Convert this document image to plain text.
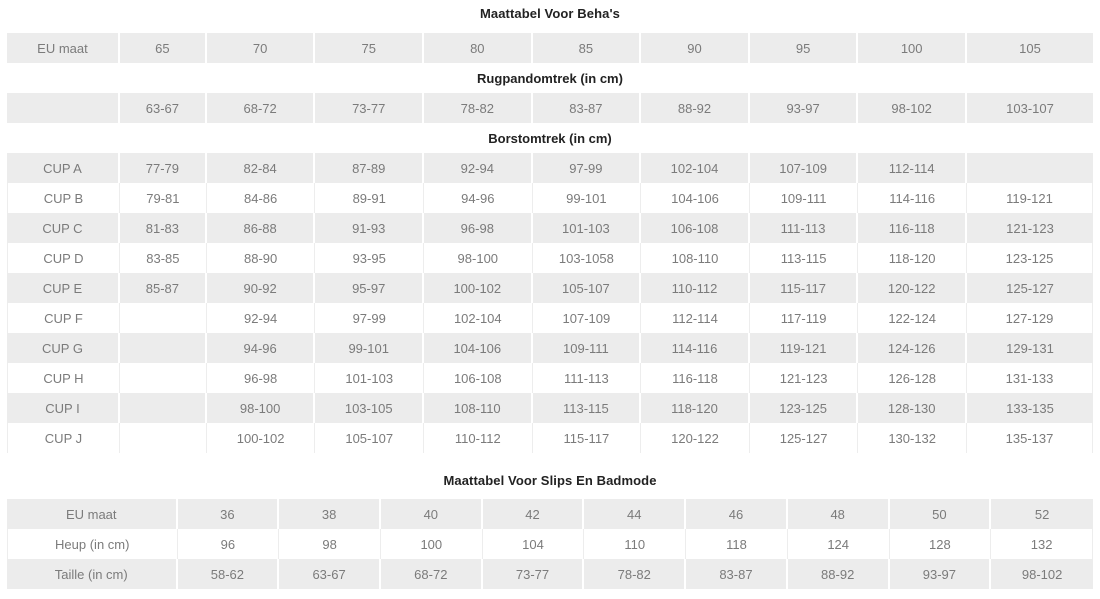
Maattabel Voor Beha's
EU maat	65	70	75	80	85	90	95	100	105
Rugpandomtrek (in cm)									
	63-67	68-72	73-77	78-82	83-87	88-92	93-97	98-102	103-107
Borstomtrek (in cm)									
CUP A	77-79	82-84	87-89	92-94	97-99	102-104	107-109	112-114	
CUP B	79-81	84-86	89-91	94-96	99-101	104-106	109-111	114-116	119-121
CUP C	81-83	86-88	91-93	96-98	101-103	106-108	111-113	116-118	121-123
CUP D	83-85	88-90	93-95	98-100	103-1058	108-110	113-115	118-120	123-125
CUP E	85-87	90-92	95-97	100-102	105-107	110-112	115-117	120-122	125-127
CUP F		92-94	97-99	102-104	107-109	112-114	117-119	122-124	127-129
CUP G		94-96	99-101	104-106	109-111	114-116	119-121	124-126	129-131
CUP H		96-98	101-103	106-108	111-113	116-118	121-123	126-128	131-133
CUP I		98-100	103-105	108-110	113-115	118-120	123-125	128-130	133-135
CUP J		100-102	105-107	110-112	115-117	120-122	125-127	130-132	135-137
Maattabel Voor Slips En Badmode
EU maat	36	38	40	42	44	46	48	50	52
Heup (in cm)	96	98	100	104	110	118	124	128	132
Taille (in cm)	58-62	63-67	68-72	73-77	78-82	83-87	88-92	93-97	98-102
